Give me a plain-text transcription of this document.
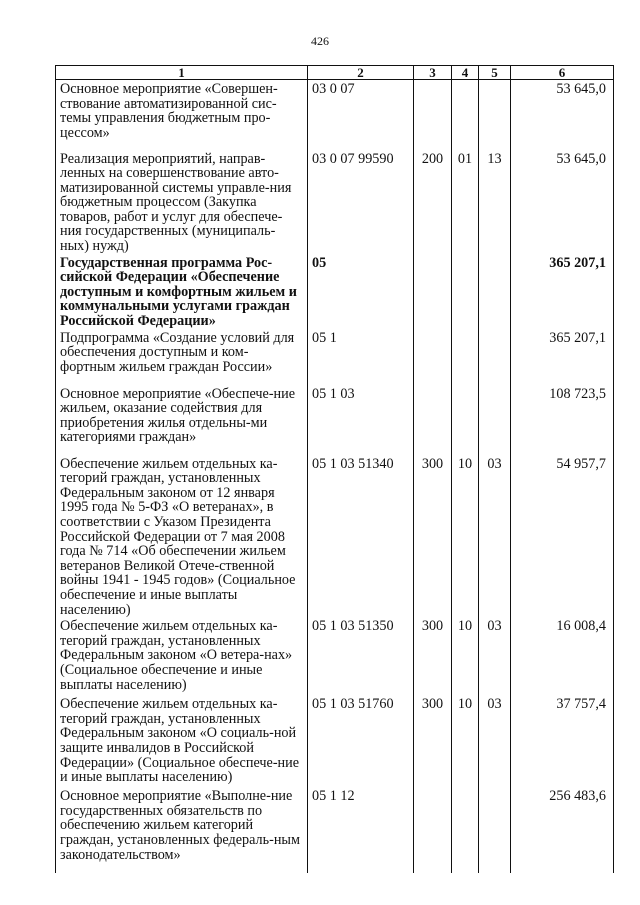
426
1	2	3	4	5	6
Основное мероприятие «Совершен-ствование автоматизированной сис-темы управления бюджетным про-цессом»	03 0 07				53 645,0
Реализация мероприятий, направ-ленных на совершенствование авто-матизированной системы управле-ния бюджетным процессом (Закупка товаров, работ и услуг для обеспече-ния государственных (муниципаль-ных) нужд)	03 0 07 99590	200	01	13	53 645,0
Государственная программа Рос-сийской Федерации «Обеспечение доступным и комфортным жильем и коммунальными услугами граждан Российской Федерации»	05				365 207,1
Подпрограмма «Создание условий для обеспечения доступным и ком-фортным жильем граждан России»	05 1				365 207,1
Основное мероприятие «Обеспече-ние жильем, оказание содействия для приобретения жилья отдельны-ми категориями граждан»	05 1 03				108 723,5
Обеспечение жильем отдельных ка-тегорий граждан, установленных Федеральным законом от 12 января 1995 года № 5-ФЗ «О ветеранах», в соответствии с Указом Президента Российской Федерации от 7 мая 2008 года № 714 «Об обеспечении жильем ветеранов Великой Отече-ственной войны 1941 - 1945 годов» (Социальное обеспечение и иные выплаты населению)	05 1 03 51340	300	10	03	54 957,7
Обеспечение жильем отдельных ка-тегорий граждан, установленных Федеральным законом «О ветера-нах» (Социальное обеспечение и иные выплаты населению)	05 1 03 51350	300	10	03	16 008,4
Обеспечение жильем отдельных ка-тегорий граждан, установленных Федеральным законом «О социаль-ной защите инвалидов в Российской Федерации» (Социальное обеспече-ние и иные выплаты населению)	05 1 03 51760	300	10	03	37 757,4
Основное мероприятие «Выполне-ние государственных обязательств по обеспечению жильем категорий граждан, установленных федераль-ным законодательством»	05 1 12				256 483,6
